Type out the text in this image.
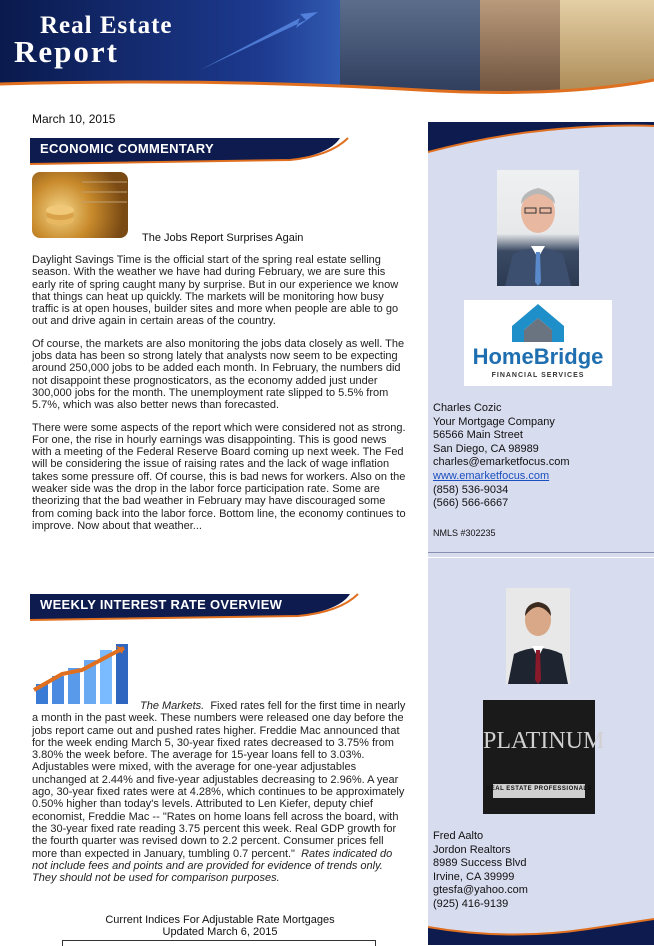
Real Estate
Report
March 10, 2015
ECONOMIC COMMENTARY
The Jobs Report Surprises Again

Daylight Savings Time is the official start of the spring real estate selling season. With the weather we have had during February, we are sure this early rite of spring caught many by surprise. But in our experience we know that things can heat up quickly. The markets will be monitoring how busy traffic is at open houses, builder sites and more when people are able to go out and drive again in certain areas of the country.

Of course, the markets are also monitoring the jobs data closely as well. The jobs data has been so strong lately that analysts now seem to be expecting around 250,000 jobs to be added each month. In February, the numbers did not disappoint these prognosticators, as the economy added just under 300,000 jobs for the month. The unemployment rate slipped to 5.5% from 5.7%, which was also better news than forecasted.

There were some aspects of the report which were considered not as strong. For one, the rise in hourly earnings was disappointing. This is good news with a meeting of the Federal Reserve Board coming up next week. The Fed will be considering the issue of raising rates and the lack of wage inflation takes some pressure off. Of course, this is bad news for workers. Also on the weaker side was the drop in the labor force participation rate. Some are theorizing that the bad weather in February may have discouraged some from coming back into the labor force. Bottom line, the economy continues to improve. Now about that weather...

WEEKLY INTEREST RATE OVERVIEW
The Markets. Fixed rates fell for the first time in nearly a month in the past week. These numbers were released one day before the jobs report came out and pushed rates higher. Freddie Mac announced that for the week ending March 5, 30-year fixed rates decreased to 3.75% from 3.80% the week before. The average for 15-year loans fell to 3.03%. Adjustables were mixed, with the average for one-year adjustables unchanged at 2.44% and five-year adjustables decreasing to 2.96%. A year ago, 30-year fixed rates were at 4.28%, which continues to be approximately 0.50% higher than today's levels. Attributed to Len Kiefer, deputy chief economist, Freddie Mac -- "Rates on home loans fell across the board, with the 30-year fixed rate reading 3.75 percent this week. Real GDP growth for the fourth quarter was revised down to 2.2 percent. Consumer prices fell more than expected in January, tumbling 0.7 percent." Rates indicated do not include fees and points and are provided for evidence of trends only. They should not be used for comparison purposes.
Current Indices For Adjustable Rate Mortgages
Updated March 6, 2015
HomeBridge
FINANCIAL SERVICES
Charles Cozic
Your Mortgage Company
56566 Main Street
San Diego, CA 98989
charles@emarketfocus.com
www.emarketfocus.com
(858) 536-9034
(566) 566-6667
NMLS #302235
PLATINUM
REAL ESTATE PROFESSIONALS
Fred Aalto
Jordon Realtors
8989 Success Blvd
Irvine, CA 39999
gtesfa@yahoo.com
(925) 416-9139
